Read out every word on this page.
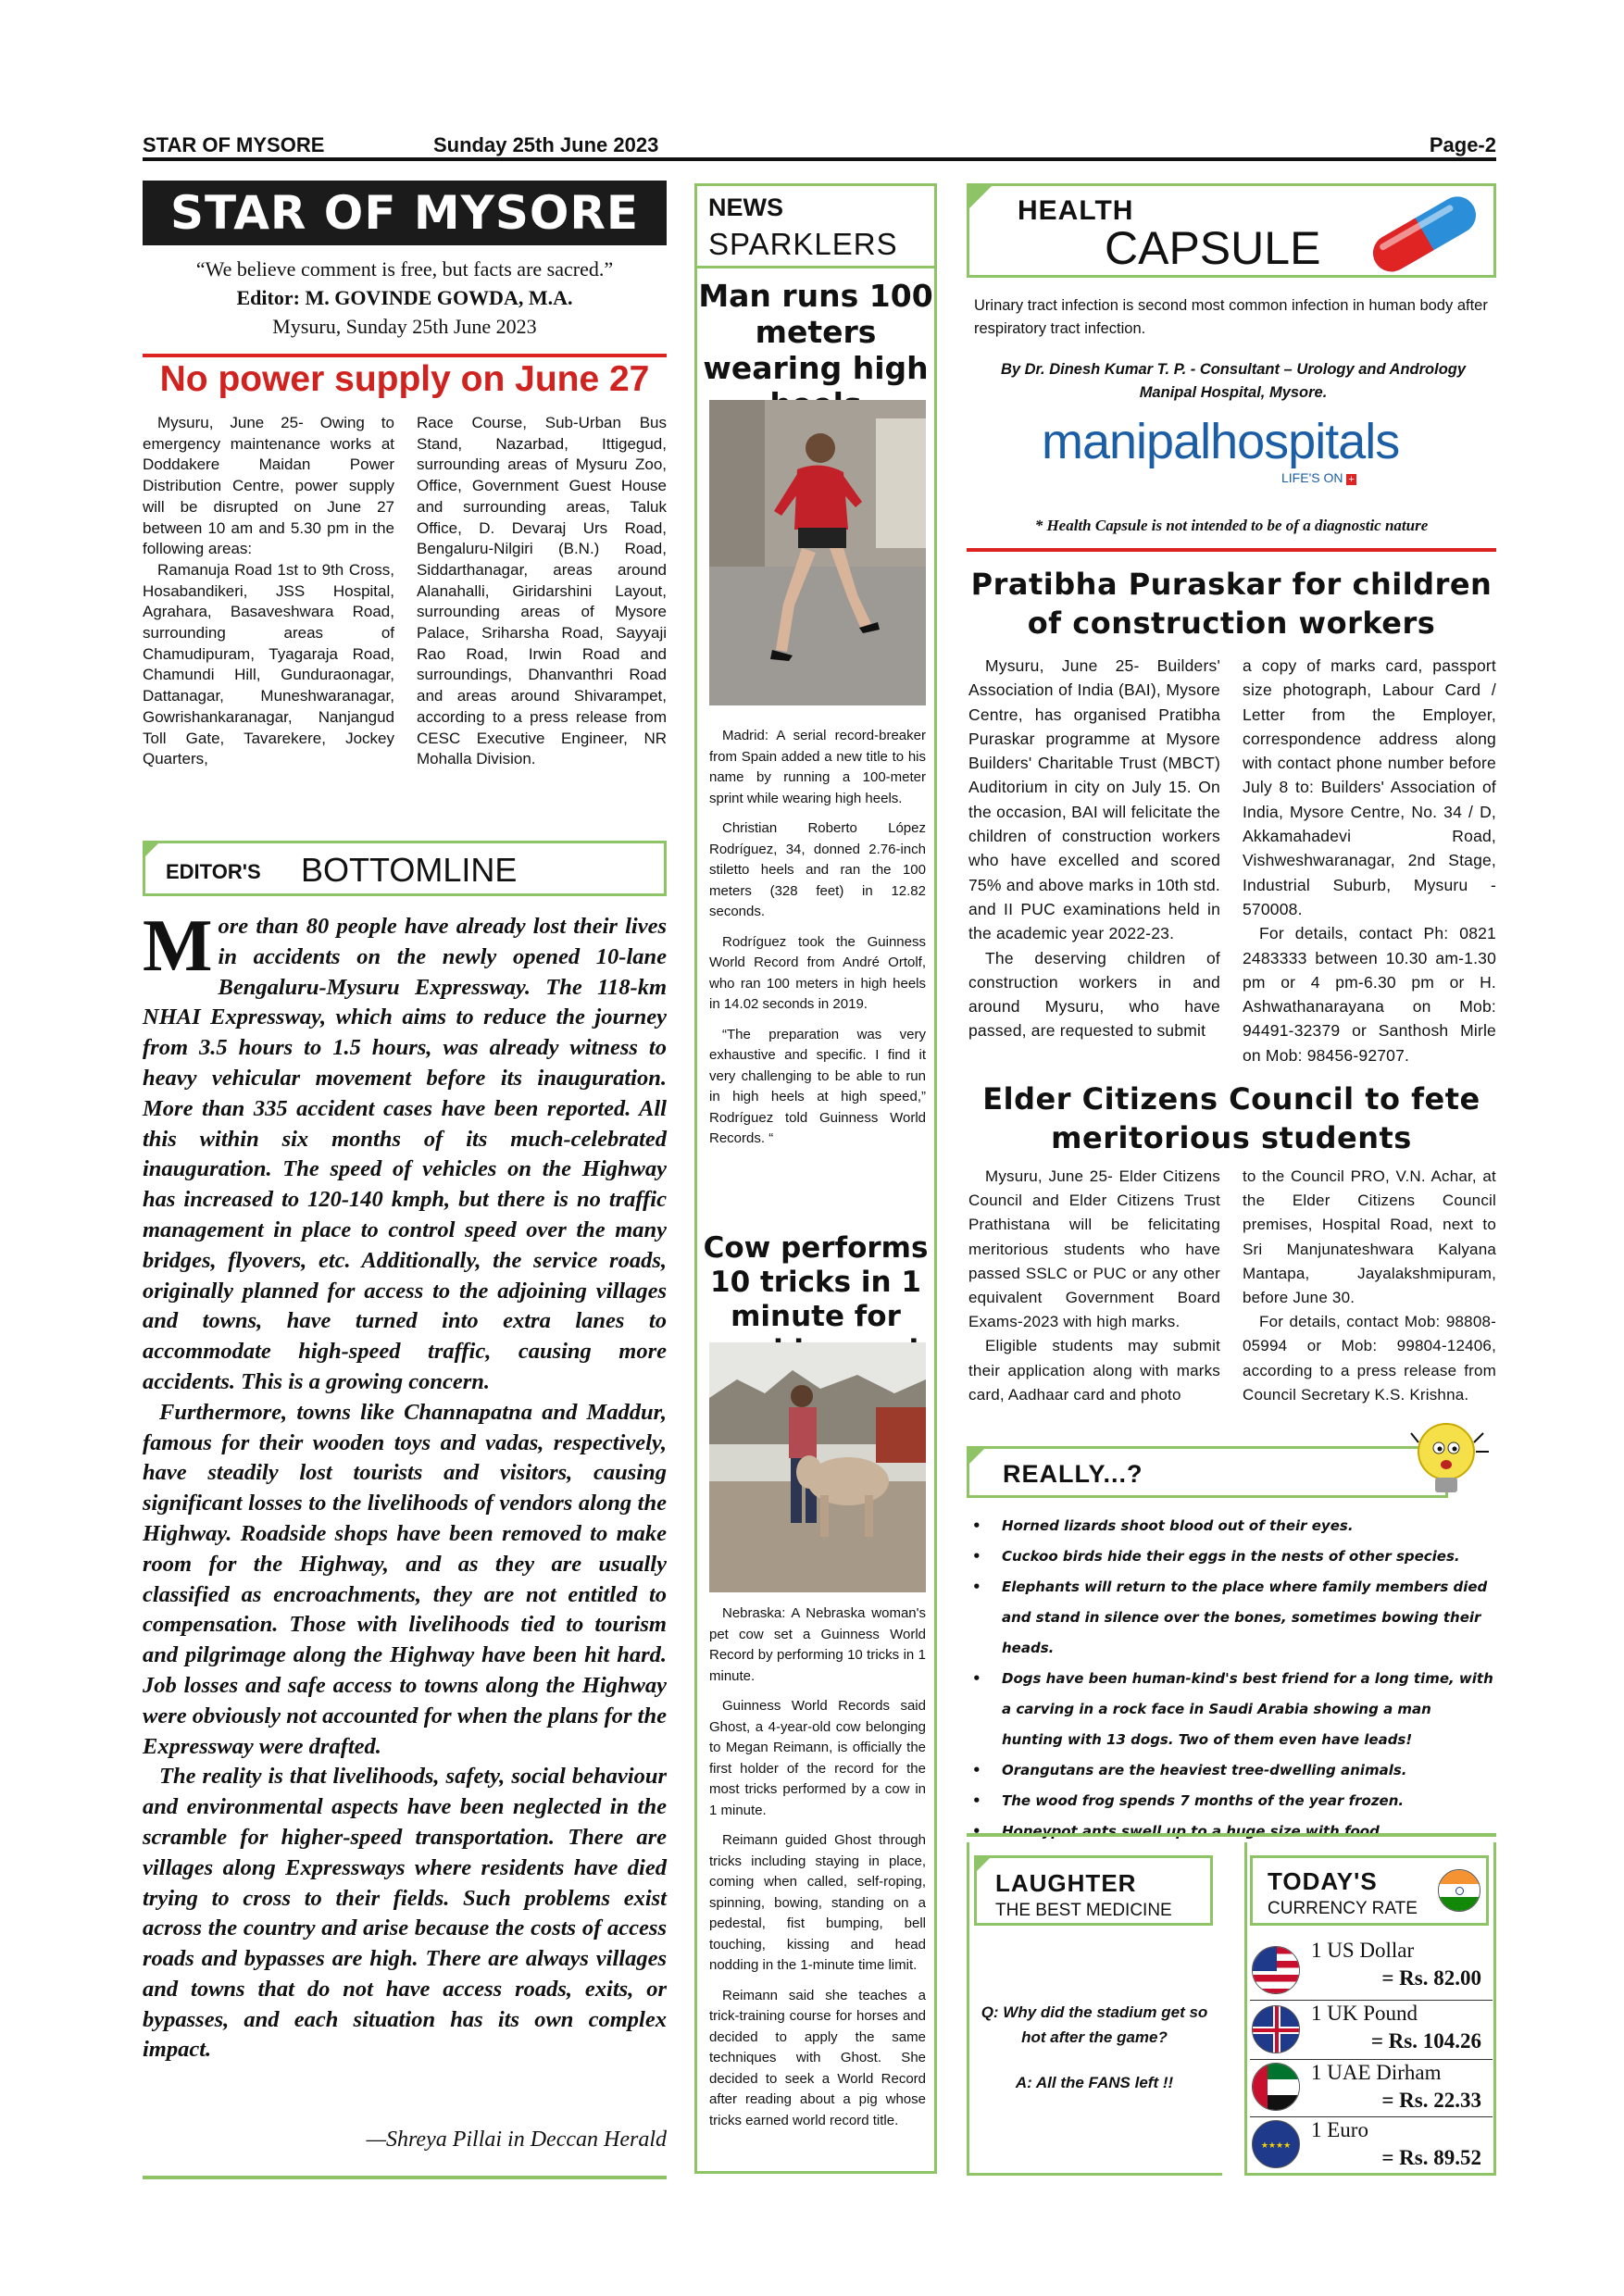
STAR OF MYSORE	Sunday 25th June 2023	Page-2
STAR OF MYSORE
“We believe comment is free, but facts are sacred.”
Editor: M. GOVINDE GOWDA, M.A.
Mysuru, Sunday 25th June 2023
No power supply on June 27

Mysuru, June 25- Owing to emergency maintenance works at Doddakere Maidan Power Distribution Centre, power supply will be disrupted on June 27 between 10 am and 5.30 pm in the following areas:

Ramanuja Road 1st to 9th Cross, Hosabandikeri, JSS Hospital, Agrahara, Basaveshwara Road, surrounding areas of Chamudipuram, Tyagaraja Road, Chamundi Hill, Gunduraonagar, Dattanagar, Muneshwaranagar, Gowrishankaranagar, Nanjangud Toll Gate, Tavarekere, Jockey Quarters,

Race Course, Sub-Urban Bus Stand, Nazarbad, Ittigegud, surrounding areas of Mysuru Zoo, Office, Government Guest House and surrounding areas, Taluk Office, D. Devaraj Urs Road, Bengaluru-Nilgiri (B.N.) Road, Siddarthanagar, areas around Alanahalli, Giridarshini Layout, surrounding areas of Mysore Palace, Sriharsha Road, Sayyaji Rao Road, Irwin Road and surroundings, Dhanvanthri Road and areas around Shivarampet, according to a press release from CESC Executive Engineer, NR Mohalla Division.
EDITOR'S BOTTOMLINE

More than 80 people have already lost their lives in accidents on the newly opened 10-lane Bengaluru-Mysuru Expressway. The 118-km NHAI Expressway, which aims to reduce the journey from 3.5 hours to 1.5 hours, was already witness to heavy vehicular movement before its inauguration. More than 335 accident cases have been reported. All this within six months of its much-celebrated inauguration. The speed of vehicles on the Highway has increased to 120-140 kmph, but there is no traffic management in place to control speed over the many bridges, flyovers, etc. Additionally, the service roads, originally planned for access to the adjoining villages and towns, have turned into extra lanes to accommodate high-speed traffic, causing more accidents. This is a growing concern.

Furthermore, towns like Channapatna and Maddur, famous for their wooden toys and vadas, respectively, have steadily lost tourists and visitors, causing significant losses to the livelihoods of vendors along the Highway. Roadside shops have been removed to make room for the Highway, and as they are usually classified as encroachments, they are not entitled to compensation. Those with livelihoods tied to tourism and pilgrimage along the Highway have been hit hard. Job losses and safe access to towns along the Highway were obviously not accounted for when the plans for the Expressway were drafted.

The reality is that livelihoods, safety, social behaviour and environmental aspects have been neglected in the scramble for higher-speed transportation. There are villages along Expressways where residents have died trying to cross to their fields. Such problems exist across the country and arise because the costs of access roads and bypasses are high. There are always villages and towns that do not have access roads, exits, or bypasses, and each situation has its own complex impact.

—Shreya Pillai in Deccan Herald
NEWS
SPARKLERS
Man runs 100 meters wearing high

Madrid: A serial record-breaker from Spain added a new title to his name by running a 100-meter sprint while wearing high heels.

Christian Roberto López Rodríguez, 34, donned 2.76-inch stiletto heels and ran the 100 meters (328 feet) in 12.82 seconds.

Rodríguez took the Guinness World Record from André Ortolf, who ran 100 meters in high heels in 14.02 seconds in 2019.

“The preparation was very exhaustive and specific. I find it very challenging to be able to run in high heels at high speed,” Rodríguez told Guinness World Records. “

Cow performs 10 tricks in 1 minute for

Nebraska: A Nebraska woman's pet cow set a Guinness World Record by performing 10 tricks in 1 minute.

Guinness World Records said Ghost, a 4-year-old cow belonging to Megan Reimann, is officially the first holder of the record for the most tricks performed by a cow in 1 minute.

Reimann guided Ghost through tricks including staying in place, coming when called, self-roping, spinning, bowing, standing on a pedestal, fist bumping, bell touching, kissing and head nodding in the 1-minute time limit.

Reimann said she teaches a trick-training course for horses and decided to apply the same techniques with Ghost. She decided to seek a World Record after reading about a pig whose tricks earned world record title.

HEALTH
CAPSULE
Urinary tract infection is second most common infection in human body after respiratory tract infection.
By Dr. Dinesh Kumar T. P. - Consultant – Urology and Andrology Manipal Hospital, Mysore.
manipalhospitals
LIFE'S ON +
* Health Capsule is not intended to be of a diagnostic nature
Pratibha Puraskar for children of construction workers

Mysuru, June 25- Builders' Association of India (BAI), Mysore Centre, has organised Pratibha Puraskar programme at Mysore Builders' Charitable Trust (MBCT) Auditorium in city on July 15. On the occasion, BAI will felicitate the children of construction workers who have excelled and scored 75% and above marks in 10th std. and II PUC examinations held in the academic year 2022-23.

The deserving children of construction workers in and around Mysuru, who have passed, are requested to submit

a copy of marks card, passport size photograph, Labour Card / Letter from the Employer, correspondence address along with contact phone number before July 8 to: Builders' Association of India, Mysore Centre, No. 34 / D, Akkamahadevi Road, Vishweshwaranagar, 2nd Stage, Industrial Suburb, Mysuru - 570008.

For details, contact Ph: 0821 2483333 between 10.30 am-1.30 pm or 4 pm-6.30 pm or H. Ashwathanarayana on Mob: 94491-32379 or Santhosh Mirle on Mob: 98456-92707.

Elder Citizens Council to fete meritorious students

Mysuru, June 25- Elder Citizens Council and Elder Citizens Trust Prathistana will be felicitating meritorious students who have passed SSLC or PUC or any other equivalent Government Board Exams-2023 with high marks.

Eligible students may submit their application along with marks card, Aadhaar card and photo

to the Council PRO, V.N. Achar, at the Elder Citizens Council premises, Hospital Road, next to Sri Manjunateshwara Kalyana Mantapa, Jayalakshmipuram, before June 30.

For details, contact Mob: 98808-05994 or Mob: 99804-12406, according to a press release from Council Secretary K.S. Krishna.

REALLY...?
• Horned lizards shoot blood out of their eyes.
• Cuckoo birds hide their eggs in the nests of other species.
• Elephants will return to the place where family members died and stand in silence over the bones, sometimes bowing their heads.
• Dogs have been human-kind's best friend for a long time, with a carving in a rock face in Saudi Arabia showing a man hunting with 13 dogs. Two of them even have leads!
• Orangutans are the heaviest tree-dwelling animals.
• The wood frog spends 7 months of the year frozen.
• Honeypot ants swell up to a huge size with food.
LAUGHTER
THE BEST MEDICINE
Q: Why did the stadium get so hot after the game?
A: All the FANS left !!
TODAY'S
CURRENCY RATE
1 US Dollar
= Rs. 82.00
1 UK Pound
= Rs. 104.26
1 UAE Dirham
= Rs. 22.33
★★★★
1 Euro
= Rs. 89.52
